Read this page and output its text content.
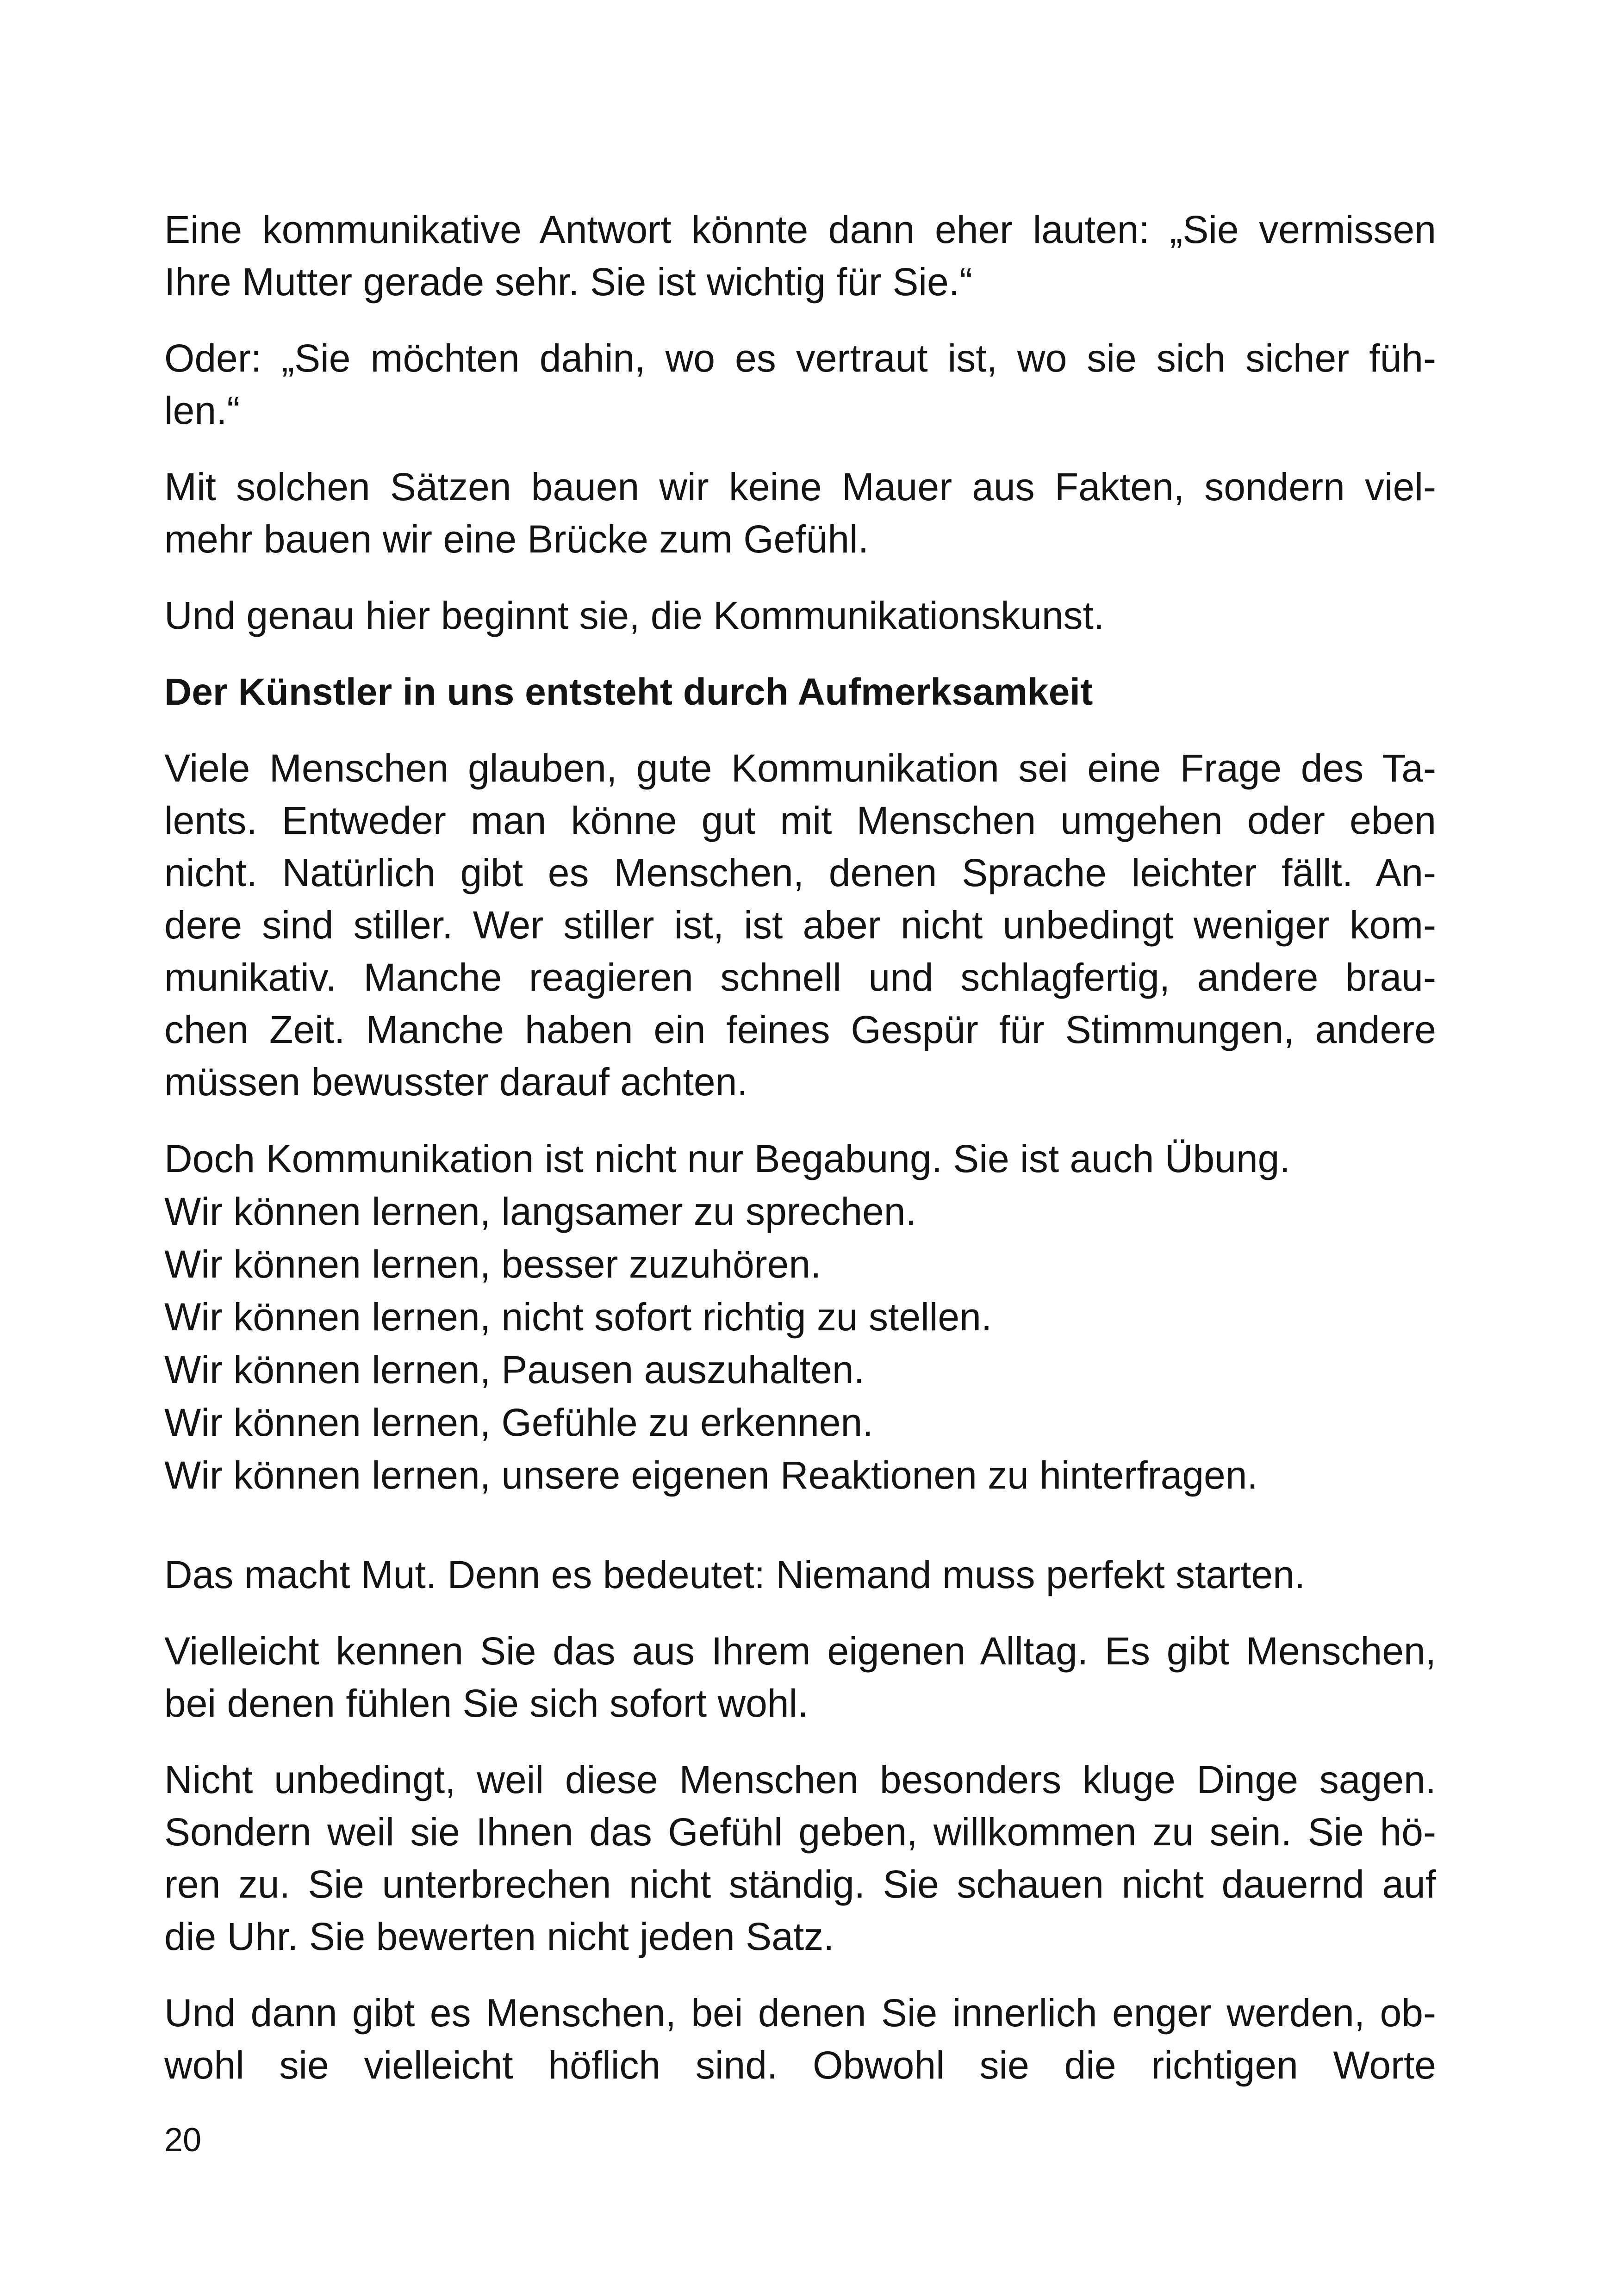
Eine kommunikative Antwort könnte dann eher lauten: „Sie vermissen
Ihre Mutter gerade sehr. Sie ist wichtig für Sie.“
Oder: „Sie möchten dahin, wo es vertraut ist, wo sie sich sicher füh-
len.“
Mit solchen Sätzen bauen wir keine Mauer aus Fakten, sondern viel-
mehr bauen wir eine Brücke zum Gefühl.
Und genau hier beginnt sie, die Kommunikationskunst.
Der Künstler in uns entsteht durch Aufmerksamkeit
Viele Menschen glauben, gute Kommunikation sei eine Frage des Ta-
lents. Entweder man könne gut mit Menschen umgehen oder eben
nicht. Natürlich gibt es Menschen, denen Sprache leichter fällt. An-
dere sind stiller. Wer stiller ist, ist aber nicht unbedingt weniger kom-
munikativ. Manche reagieren schnell und schlagfertig, andere brau-
chen Zeit. Manche haben ein feines Gespür für Stimmungen, andere
müssen bewusster darauf achten.
Doch Kommunikation ist nicht nur Begabung. Sie ist auch Übung.
Wir können lernen, langsamer zu sprechen.
Wir können lernen, besser zuzuhören.
Wir können lernen, nicht sofort richtig zu stellen.
Wir können lernen, Pausen auszuhalten.
Wir können lernen, Gefühle zu erkennen.
Wir können lernen, unsere eigenen Reaktionen zu hinterfragen.
Das macht Mut. Denn es bedeutet: Niemand muss perfekt starten.
Vielleicht kennen Sie das aus Ihrem eigenen Alltag. Es gibt Menschen,
bei denen fühlen Sie sich sofort wohl.
Nicht unbedingt, weil diese Menschen besonders kluge Dinge sagen.
Sondern weil sie Ihnen das Gefühl geben, willkommen zu sein. Sie hö-
ren zu. Sie unterbrechen nicht ständig. Sie schauen nicht dauernd auf
die Uhr. Sie bewerten nicht jeden Satz.
Und dann gibt es Menschen, bei denen Sie innerlich enger werden, ob-
wohl sie vielleicht höflich sind. Obwohl sie die richtigen Worte
20
